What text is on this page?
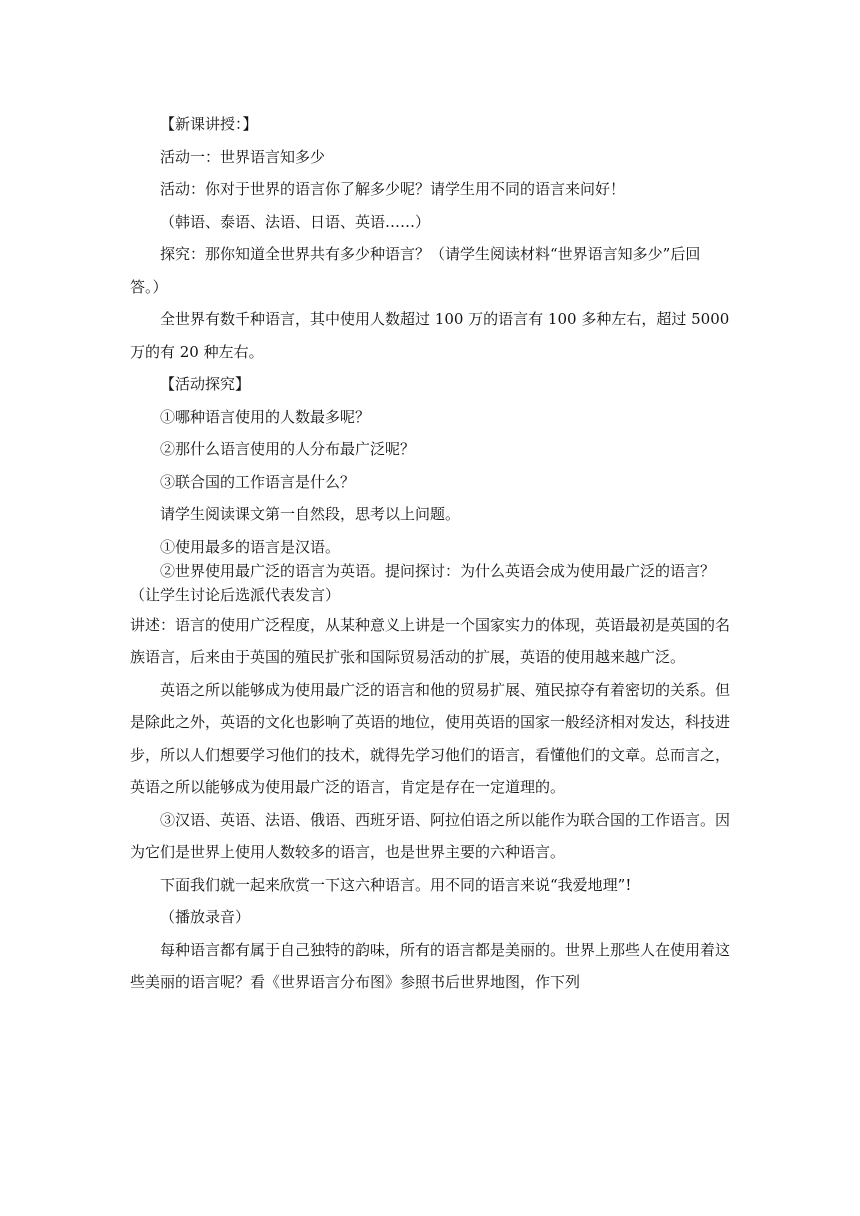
【新课讲授：】

活动一：世界语言知多少

活动：你对于世界的语言你了解多少呢？请学生用不同的语言来问好！

（韩语、泰语、法语、日语、英语……）

探究：那你知道全世界共有多少种语言？（请学生阅读材料“世界语言知多少”后回答。）

全世界有数千种语言，其中使用人数超过 100 万的语言有 100 多种左右，超过 5000 万的有 20 种左右。

【活动探究】

①哪种语言使用的人数最多呢？

②那什么语言使用的人分布最广泛呢？

③联合国的工作语言是什么？

请学生阅读课文第一自然段，思考以上问题。

①使用最多的语言是汉语。

②世界使用最广泛的语言为英语。提问探讨：为什么英语会成为使用最广泛的语言？（让学生讨论后选派代表发言）

讲述：语言的使用广泛程度，从某种意义上讲是一个国家实力的体现，英语最初是英国的名族语言，后来由于英国的殖民扩张和国际贸易活动的扩展，英语的使用越来越广泛。

英语之所以能够成为使用最广泛的语言和他的贸易扩展、殖民掠夺有着密切的关系。但是除此之外，英语的文化也影响了英语的地位，使用英语的国家一般经济相对发达，科技进步，所以人们想要学习他们的技术，就得先学习他们的语言，看懂他们的文章。总而言之，英语之所以能够成为使用最广泛的语言，肯定是存在一定道理的。

③汉语、英语、法语、俄语、西班牙语、阿拉伯语之所以能作为联合国的工作语言。因为它们是世界上使用人数较多的语言，也是世界主要的六种语言。

下面我们就一起来欣赏一下这六种语言。用不同的语言来说“我爱地理”!

（播放录音）

每种语言都有属于自己独特的韵味，所有的语言都是美丽的。世界上那些人在使用着这些美丽的语言呢？看《世界语言分布图》参照书后世界地图，作下列
